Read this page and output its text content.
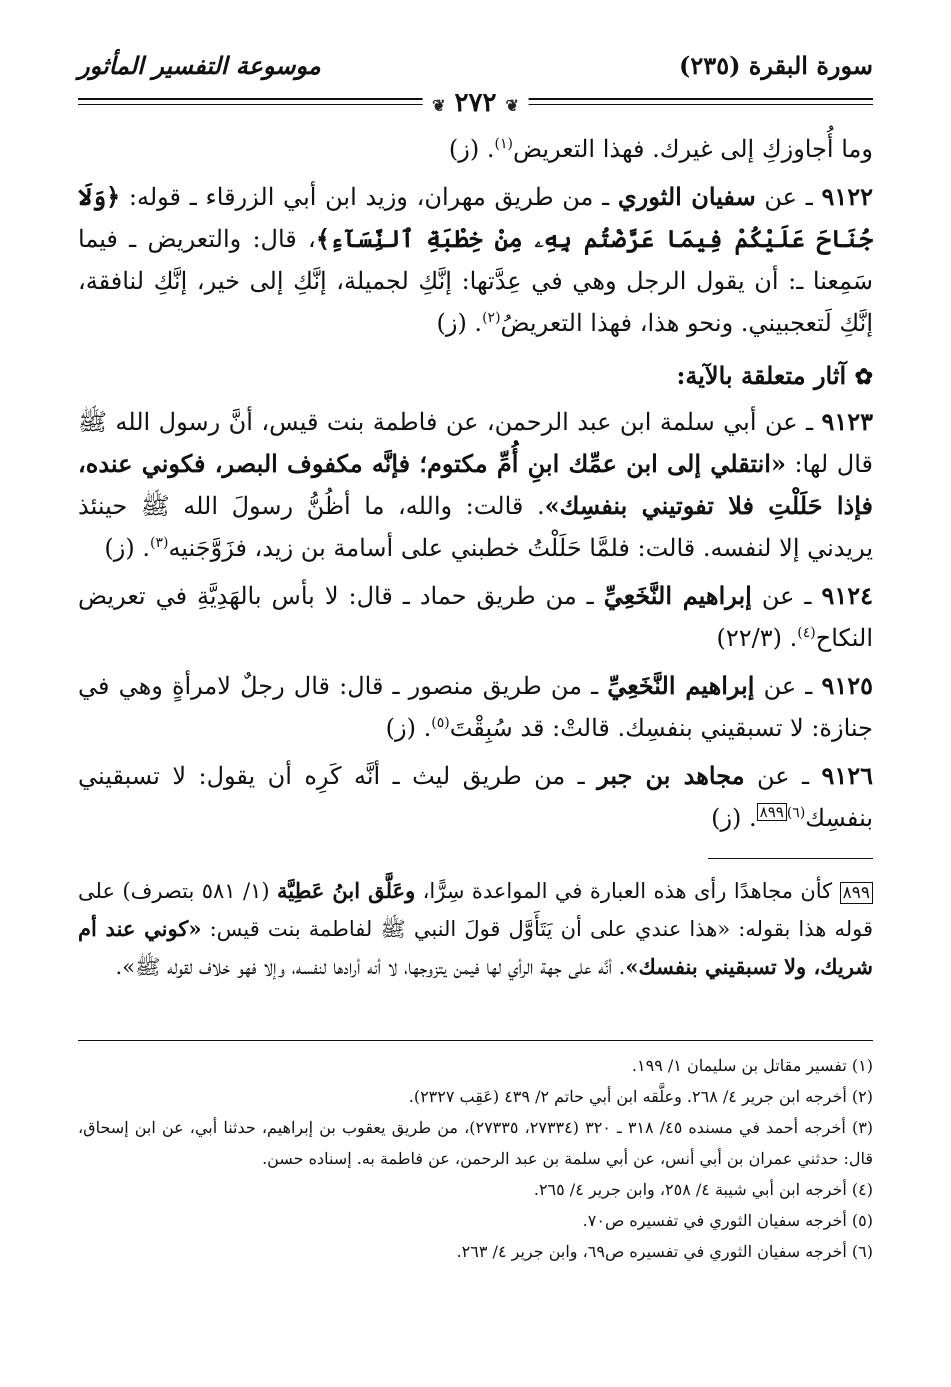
سورة البقرة (٢٣٥)
موسوعة التفسير المأثور
❦ ٢٧٢ ❦

وما أُجاوزكِ إلى غيرك. فهذا التعريض$^{(١)}$. (ز)

٩١٢٢ ـ عن سفيان الثوري ـ من طريق مهران، وزيد ابن أبي الزرقاء ـ قوله: ﴿وَلَا جُنَاحَ عَلَيْكُمْ فِيمَا عَرَّضْتُم بِهِۦ مِنْ خِطْبَةِ ٱلنِّسَآءِ﴾، قال: والتعريض ـ فيما سَمِعنا ـ: أن يقول الرجل وهي في عِدَّتها: إنَّكِ لجميلة، إنَّكِ إلى خير، إنَّكِ لنافقة، إنَّكِ لَتعجبيني. ونحو هذا، فهذا التعريضُ$^{(٢)}$. (ز)

✿ آثار متعلقة بالآية:

٩١٢٣ ـ عن أبي سلمة ابن عبد الرحمن، عن فاطمة بنت قيس، أنَّ رسول الله ﷺ قال لها: «انتقلي إلى ابن عمِّك ابنِ أُمِّ مكتوم؛ فإنَّه مكفوف البصر، فكوني عنده، فإذا حَلَلْتِ فلا تفوتيني بنفسِك». قالت: والله، ما أظُنُّ رسولَ الله ﷺ حينئذ يريدني إلا لنفسه. قالت: فلمَّا حَلَلْتُ خطبني على أسامة بن زيد، فزَوَّجَنيه$^{(٣)}$. (ز)

٩١٢٤ ـ عن إبراهيم النَّخَعِيِّ ـ من طريق حماد ـ قال: لا بأس بالهَدِيَّةِ في تعريض النكاح$^{(٤)}$. (٢٢/٣)

٩١٢٥ ـ عن إبراهيم النَّخَعِيِّ ـ من طريق منصور ـ قال: قال رجلٌ لامرأةٍ وهي في جنازة: لا تسبقيني بنفسِك. قالتْ: قد سُبِقْتَ$^{(٥)}$. (ز)

٩١٢٦ ـ عن مجاهد بن جبر ـ من طريق ليث ـ أنَّه كَرِه أن يقول: لا تسبقيني بنفسِك$^{(٦)}$٨٩٩. (ز)

٨٩٩ كأن مجاهدًا رأى هذه العبارة في المواعدة سِرًّا، وعَلَّق ابنُ عَطِيَّة (١/ ٥٨١ بتصرف) على قوله هذا بقوله: «هذا عندي على أن يَتَأَوَّل قولَ النبي ﷺ لفاطمة بنت قيس: «كوني عند أم شريك، ولا تسبقيني بنفسك». أنَّه على جهة الرأي لها فيمن يتزوجها، لا أنه أرادها لنفسه، وإلا فهو خلاف لقوله ﷺ».

(١) تفسير مقاتل بن سليمان ١/ ١٩٩.

(٢) أخرجه ابن جرير ٤/ ٢٦٨. وعلَّقه ابن أبي حاتم ٢/ ٤٣٩ (عَقِب ٢٣٢٧).

(٣) أخرجه أحمد في مسنده ٤٥/ ٣١٨ ـ ٣٢٠ (٢٧٣٣٤، ٢٧٣٣٥)، من طريق يعقوب بن إبراهيم، حدثنا أبي، عن ابن إسحاق، قال: حدثني عمران بن أبي أنس، عن أبي سلمة بن عبد الرحمن، عن فاطمة به. إسناده حسن.

(٤) أخرجه ابن أبي شيبة ٤/ ٢٥٨، وابن جرير ٤/ ٢٦٥.

(٥) أخرجه سفيان الثوري في تفسيره ص٧٠.

(٦) أخرجه سفيان الثوري في تفسيره ص٦٩، وابن جرير ٤/ ٢٦٣.
